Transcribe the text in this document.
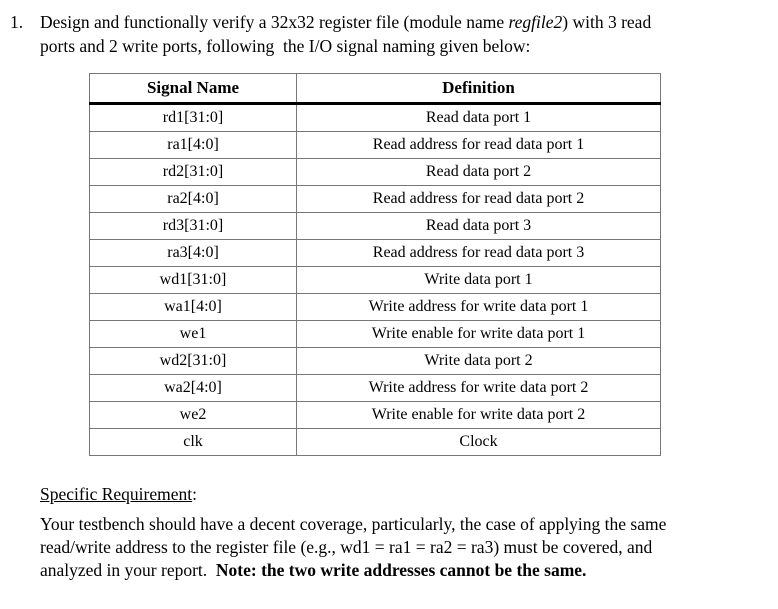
1. Design and functionally verify a 32x32 register file (module name regfile2) with 3 read
ports and 2 write ports, following  the I/O signal naming given below:
Signal Name	Definition
rd1[31:0]	Read data port 1
ra1[4:0]	Read address for read data port 1
rd2[31:0]	Read data port 2
ra2[4:0]	Read address for read data port 2
rd3[31:0]	Read data port 3
ra3[4:0]	Read address for read data port 3
wd1[31:0]	Write data port 1
wa1[4:0]	Write address for write data port 1
we1	Write enable for write data port 1
wd2[31:0]	Write data port 2
wa2[4:0]	Write address for write data port 2
we2	Write enable for write data port 2
clk	Clock

Specific Requirement:

Your testbench should have a decent coverage, particularly, the case of applying the same

read/write address to the register file (e.g., wd1 = ra1 = ra2 = ra3) must be covered, and

analyzed in your report.  Note: the two write addresses cannot be the same.
